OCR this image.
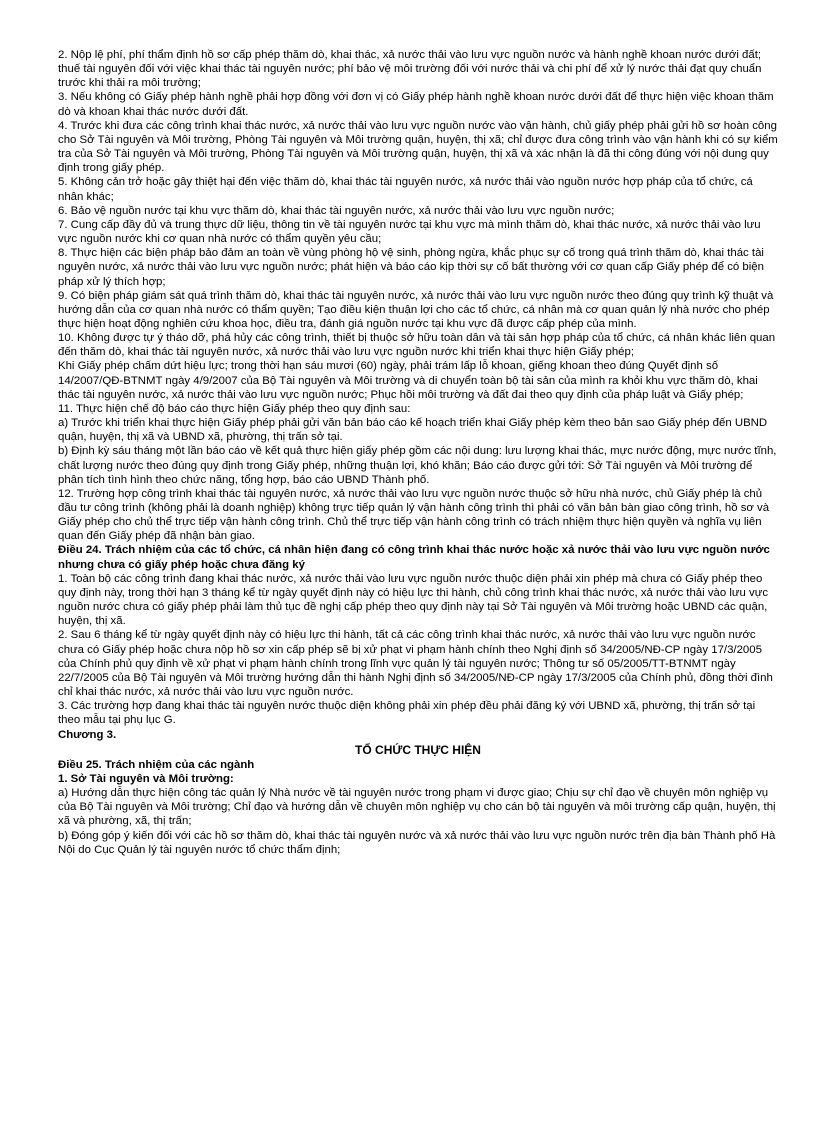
2. Nộp lệ phí, phí thẩm định hồ sơ cấp phép thăm dò, khai thác, xả nước thải vào lưu vực nguồn nước và hành nghề khoan nước dưới đất; thuế tài nguyên đối với việc khai thác tài nguyên nước; phí bảo vệ môi trường đối với nước thải và chi phí để xử lý nước thải đạt quy chuẩn trước khi thải ra môi trường;

3. Nếu không có Giấy phép hành nghề phải hợp đồng với đơn vị có Giấy phép hành nghề khoan nước dưới đất để thực hiện việc khoan thăm dò và khoan khai thác nước dưới đất.

4. Trước khi đưa các công trình khai thác nước, xả nước thải vào lưu vực nguồn nước vào vận hành, chủ giấy phép phải gửi hồ sơ hoàn công cho Sở Tài nguyên và Môi trường, Phòng Tài nguyên và Môi trường quận, huyện, thị xã; chỉ được đưa công trình vào vận hành khi có sự kiểm tra của Sở Tài nguyên và Môi trường, Phòng Tài nguyên và Môi trường quận, huyện, thị xã và xác nhận là đã thi công đúng với nội dung quy định trong giấy phép.

5. Không cản trở hoặc gây thiệt hại đến việc thăm dò, khai thác tài nguyên nước, xả nước thải vào nguồn nước hợp pháp của tổ chức, cá nhân khác;

6. Bảo vệ nguồn nước tại khu vực thăm dò, khai thác tài nguyên nước, xả nước thải vào lưu vực nguồn nước;

7. Cung cấp đầy đủ và trung thực dữ liệu, thông tin về tài nguyên nước tại khu vực mà mình thăm dò, khai thác nước, xả nước thải vào lưu vực nguồn nước khi cơ quan nhà nước có thẩm quyền yêu cầu;

8. Thực hiện các biện pháp bảo đảm an toàn về vùng phòng hộ vệ sinh, phòng ngừa, khắc phục sự cố trong quá trình thăm dò, khai thác tài nguyên nước, xả nước thải vào lưu vực nguồn nước; phát hiện và báo cáo kịp thời sự cố bất thường với cơ quan cấp Giấy phép để có biện pháp xử lý thích hợp;

9. Có biện pháp giám sát quá trình thăm dò, khai thác tài nguyên nước, xả nước thải vào lưu vực nguồn nước theo đúng quy trình kỹ thuật và hướng dẫn của cơ quan nhà nước có thẩm quyền; Tạo điều kiện thuận lợi cho các tổ chức, cá nhân mà cơ quan quản lý nhà nước cho phép thực hiện hoạt động nghiên cứu khoa học, điều tra, đánh giá nguồn nước tại khu vực đã được cấp phép của mình.

10. Không được tự ý tháo dỡ, phá hủy các công trình, thiết bị thuộc sở hữu toàn dân và tài sản hợp pháp của tổ chức, cá nhân khác liên quan đến thăm dò, khai thác tài nguyên nước, xả nước thải vào lưu vực nguồn nước khi triển khai thực hiện Giấy phép;

Khi Giấy phép chấm dứt hiệu lực; trong thời hạn sáu mươi (60) ngày, phải trám lấp lỗ khoan, giếng khoan theo đúng Quyết định số 14/2007/QĐ-BTNMT ngày 4/9/2007 của Bộ Tài nguyên và Môi trường và di chuyển toàn bộ tài sản của mình ra khỏi khu vực thăm dò, khai thác tài nguyên nước, xả nước thải vào lưu vực nguồn nước; Phục hồi môi trường và đất đai theo quy định của pháp luật và Giấy phép;

11. Thực hiện chế độ báo cáo thực hiện Giấy phép theo quy định sau:

a) Trước khi triển khai thực hiện Giấy phép phải gửi văn bản báo cáo kế hoạch triển khai Giấy phép kèm theo bản sao Giấy phép đến UBND quận, huyện, thị xã và UBND xã, phường, thị trấn sở tại.

b) Định kỳ sáu tháng một lần báo cáo về kết quả thực hiện giấy phép gồm các nội dung: lưu lượng khai thác, mực nước động, mực nước tĩnh, chất lượng nước theo đúng quy định trong Giấy phép, những thuận lợi, khó khăn; Báo cáo được gửi tới: Sở Tài nguyên và Môi trường để phân tích tình hình theo chức năng, tổng hợp, báo cáo UBND Thành phố.

12. Trường hợp công trình khai thác tài nguyên nước, xả nước thải vào lưu vực nguồn nước thuộc sở hữu nhà nước, chủ Giấy phép là chủ đầu tư công trình (không phải là doanh nghiệp) không trực tiếp quản lý vận hành công trình thì phải có văn bản bàn giao công trình, hồ sơ và Giấy phép cho chủ thể trực tiếp vận hành công trình. Chủ thể trực tiếp vận hành công trình có trách nhiệm thực hiện quyền và nghĩa vụ liên quan đến Giấy phép đã nhận bàn giao.

Điều 24. Trách nhiệm của các tổ chức, cá nhân hiện đang có công trình khai thác nước hoặc xả nước thải vào lưu vực nguồn nước nhưng chưa có giấy phép hoặc chưa đăng ký

1. Toàn bộ các công trình đang khai thác nước, xả nước thải vào lưu vực nguồn nước thuộc diện phải xin phép mà chưa có Giấy phép theo quy định này, trong thời hạn 3 tháng kể từ ngày quyết định này có hiệu lực thi hành, chủ công trình khai thác nước, xả nước thải vào lưu vực nguồn nước chưa có giấy phép phải làm thủ tục đề nghị cấp phép theo quy định này tại Sở Tài nguyên và Môi trường hoặc UBND các quận, huyện, thị xã.

2. Sau 6 tháng kể từ ngày quyết định này có hiệu lực thi hành, tất cả các công trình khai thác nước, xả nước thải vào lưu vực nguồn nước chưa có Giấy phép hoặc chưa nộp hồ sơ xin cấp phép sẽ bị xử phạt vi phạm hành chính theo Nghị định số 34/2005/NĐ-CP ngày 17/3/2005 của Chính phủ quy định về xử phạt vi phạm hành chính trong lĩnh vực quản lý tài nguyên nước; Thông tư số 05/2005/TT-BTNMT ngày 22/7/2005 của Bộ Tài nguyên và Môi trường hướng dẫn thi hành Nghị định số 34/2005/NĐ-CP ngày 17/3/2005 của Chính phủ, đồng thời đình chỉ khai thác nước, xả nước thải vào lưu vực nguồn nước.

3. Các trường hợp đang khai thác tài nguyên nước thuộc diện không phải xin phép đều phải đăng ký với UBND xã, phường, thị trấn sở tại theo mẫu tại phụ lục G.

Chương 3.

TỔ CHỨC THỰC HIỆN

Điều 25. Trách nhiệm của các ngành

1. Sở Tài nguyên và Môi trường:

a) Hướng dẫn thực hiện công tác quản lý Nhà nước về tài nguyên nước trong phạm vi được giao; Chịu sự chỉ đạo về chuyên môn nghiệp vụ của Bộ Tài nguyên và Môi trường; Chỉ đạo và hướng dẫn về chuyên môn nghiệp vụ cho cán bộ tài nguyên và môi trường cấp quận, huyện, thị xã và phường, xã, thị trấn;

b) Đóng góp ý kiến đối với các hồ sơ thăm dò, khai thác tài nguyên nước và xả nước thải vào lưu vực nguồn nước trên địa bàn Thành phố Hà Nội do Cục Quản lý tài nguyên nước tổ chức thẩm định;
